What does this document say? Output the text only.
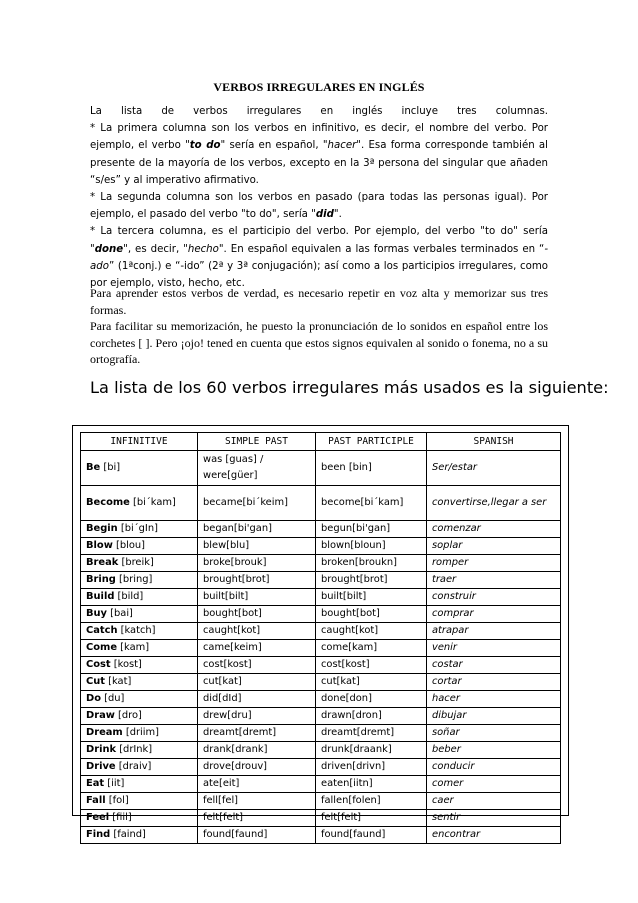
VERBOS IRREGULARES EN INGLÉS

La lista de verbos irregulares en inglés incluye tres columnas.

* La primera columna son los verbos en infinitivo, es decir, el nombre del verbo. Por ejemplo, el verbo "to do" sería en español, "hacer". Esa forma corresponde también al presente de la mayoría de los verbos, excepto en la 3ª persona del singular que añaden “s/es” y al imperativo afirmativo.

* La segunda columna son los verbos en pasado (para todas las personas igual). Por ejemplo, el pasado del verbo "to do", sería "did".

* La tercera columna, es el participio del verbo. Por ejemplo, del verbo "to do" sería "done", es decir, "hecho". En español equivalen a las formas verbales terminados en “-ado” (1ªconj.) e “-ido” (2ª y 3ª conjugación); así como a los participios irregulares, como por ejemplo, visto, hecho, etc.

Para aprender estos verbos de verdad, es necesario repetir en voz alta y memorizar sus tres formas.

Para facilitar su memorización, he puesto la pronunciación de lo sonidos en español entre los corchetes [ ]. Pero ¡ojo! tened en cuenta que estos signos equivalen al sonido o fonema, no a su ortografía.

La lista de los 60 verbos irregulares más usados es la siguiente:
INFINITIVE	SIMPLE PAST	PAST PARTICIPLE	SPANISH
Be [bi]	was [guas] / were[güer]	been [bin]	Ser/estar
Become [bi´kam]	became[bi´keim]	become[bi´kam]	convertirse,llegar a ser
Begin [bi´gIn]	began[bi'gan]	begun[bi'gan]	comenzar
Blow [blou]	blew[blu]	blown[bloun]	soplar
Break [breik]	broke[brouk]	broken[broukn]	romper
Bring [bring]	brought[brot]	brought[brot]	traer
Build [bild]	built[bilt]	built[bilt]	construir
Buy [bai]	bought[bot]	bought[bot]	comprar
Catch [katch]	caught[kot]	caught[kot]	atrapar
Come [kam]	came[keim]	come[kam]	venir
Cost [kost]	cost[kost]	cost[kost]	costar
Cut [kat]	cut[kat]	cut[kat]	cortar
Do [du]	did[dId]	done[don]	hacer
Draw [dro]	drew[dru]	drawn[dron]	dibujar
Dream [driim]	dreamt[dremt]	dreamt[dremt]	soñar
Drink [drInk]	drank[drank]	drunk[draank]	beber
Drive [draiv]	drove[drouv]	driven[drivn]	conducir
Eat [iit]	ate[eit]	eaten[iitn]	comer
Fall [fol]	fell[fel]	fallen[folen]	caer
Feel [fiil]	felt[felt]	felt[felt]	sentir
Find [faind]	found[faund]	found[faund]	encontrar
